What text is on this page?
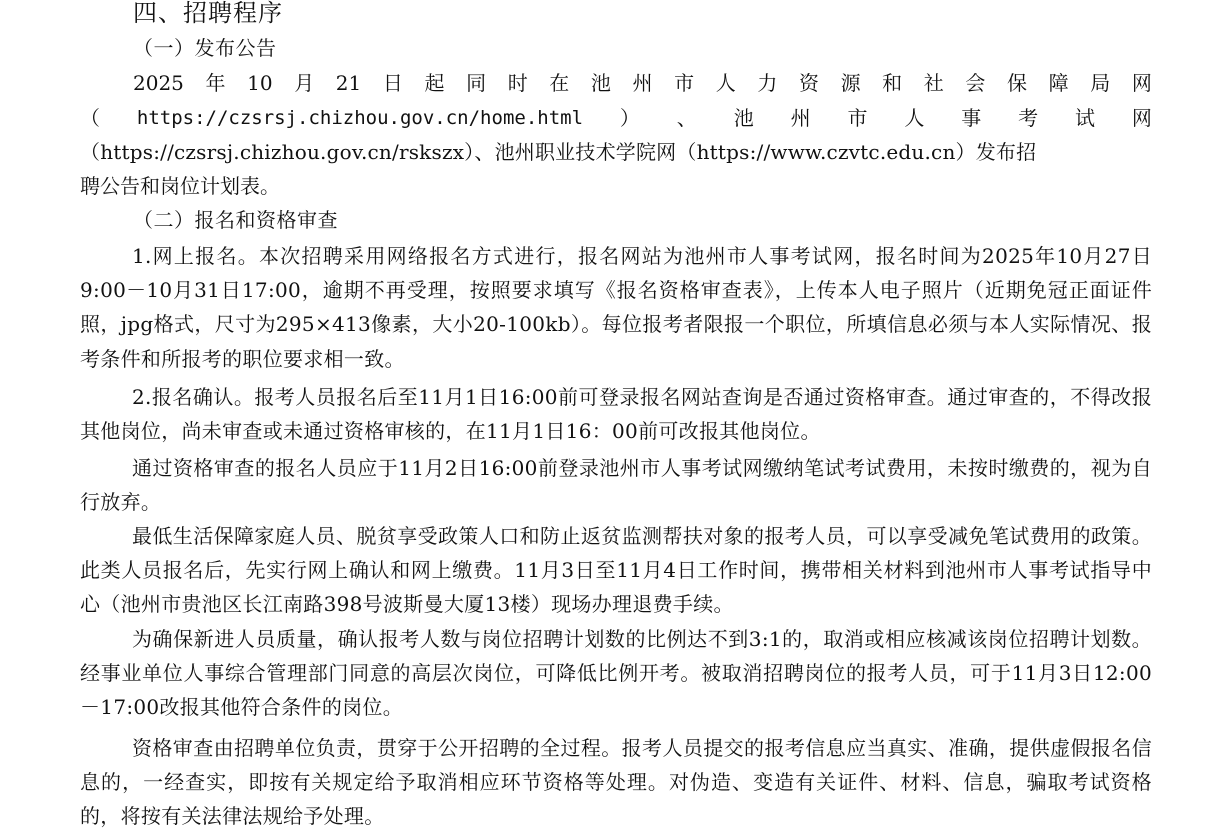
四、招聘程序
（一）发布公告
2025 年 10 月 21 日 起 同 时 在 池 州 市 人 力 资 源 和 社 会 保 障 局 网
（ https://czsrsj.chizhou.gov.cn/home.html ） 、 池 州 市 人 事 考 试 网
（https://czsrsj.chizhou.gov.cn/rskszx）、池州职业技术学院网（https://www.czvtc.edu.cn）发布招
聘公告和岗位计划表。
（二）报名和资格审查

1.网上报名。本次招聘采用网络报名方式进行，报名网站为池州市人事考试网，报名时间为2025年10月27日9:00－10月31日17:00，逾期不再受理，按照要求填写《报名资格审查表》，上传本人电子照片（近期免冠正面证件照，jpg格式，尺寸为295×413像素，大小20-100kb）。每位报考者限报一个职位，所填信息必须与本人实际情况、报考条件和所报考的职位要求相一致。

2.报名确认。报考人员报名后至11月1日16:00前可登录报名网站查询是否通过资格审查。通过审查的，不得改报其他岗位，尚未审查或未通过资格审核的，在11月1日16：00前可改报其他岗位。

通过资格审查的报名人员应于11月2日16:00前登录池州市人事考试网缴纳笔试考试费用，未按时缴费的，视为自行放弃。

最低生活保障家庭人员、脱贫享受政策人口和防止返贫监测帮扶对象的报考人员，可以享受减免笔试费用的政策。此类人员报名后，先实行网上确认和网上缴费。11月3日至11月4日工作时间，携带相关材料到池州市人事考试指导中心（池州市贵池区长江南路398号波斯曼大厦13楼）现场办理退费手续。

为确保新进人员质量，确认报考人数与岗位招聘计划数的比例达不到3:1的，取消或相应核减该岗位招聘计划数。经事业单位人事综合管理部门同意的高层次岗位，可降低比例开考。被取消招聘岗位的报考人员，可于11月3日12:00－17:00改报其他符合条件的岗位。

资格审查由招聘单位负责，贯穿于公开招聘的全过程。报考人员提交的报考信息应当真实、准确，提供虚假报名信息的，一经查实，即按有关规定给予取消相应环节资格等处理。对伪造、变造有关证件、材料、信息，骗取考试资格的，将按有关法律法规给予处理。
